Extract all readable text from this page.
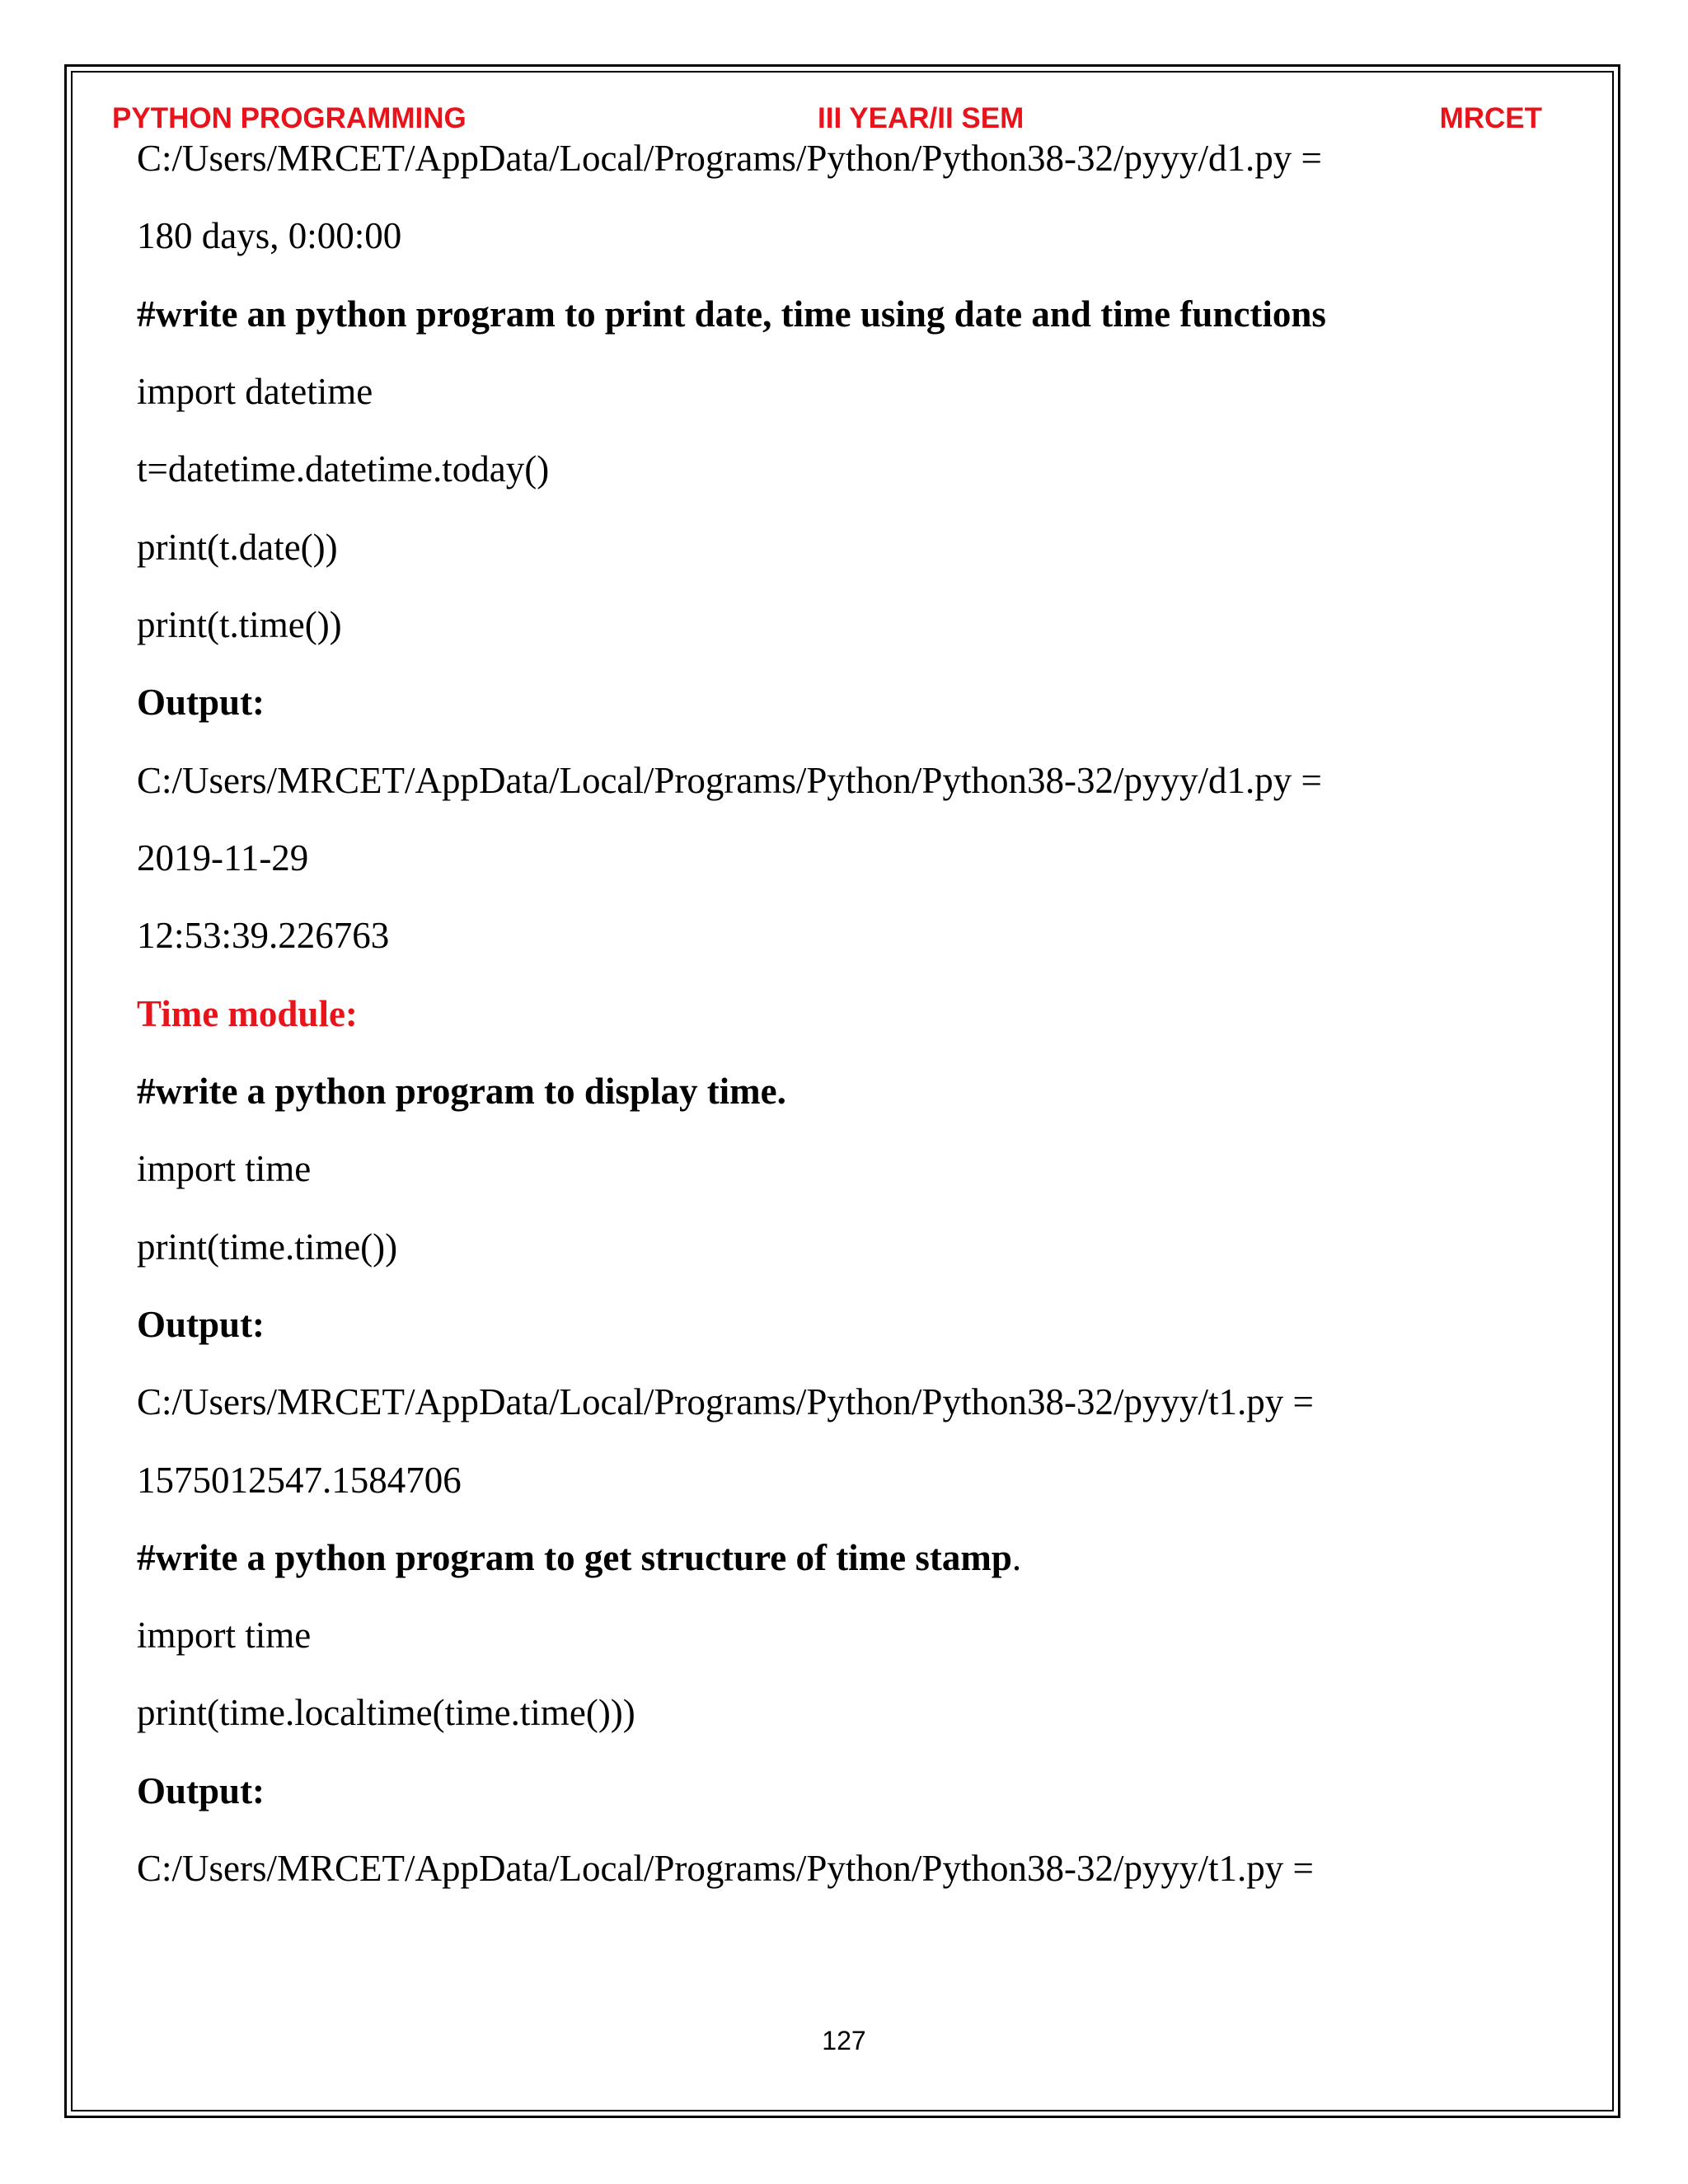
PYTHON PROGRAMMING	III YEAR/II SEM	MRCET
C:/Users/MRCET/AppData/Local/Programs/Python/Python38-32/pyyy/d1.py =
180 days, 0:00:00
#write an python program to print date, time using date and time functions
import datetime
t=datetime.datetime.today()
print(t.date())
print(t.time())
Output:
C:/Users/MRCET/AppData/Local/Programs/Python/Python38-32/pyyy/d1.py =
2019-11-29
12:53:39.226763
Time module:
#write a python program to display time.
import time
print(time.time())
Output:
C:/Users/MRCET/AppData/Local/Programs/Python/Python38-32/pyyy/t1.py =
1575012547.1584706
#write a python program to get structure of time stamp.
import time
print(time.localtime(time.time()))
Output:
C:/Users/MRCET/AppData/Local/Programs/Python/Python38-32/pyyy/t1.py =
127
